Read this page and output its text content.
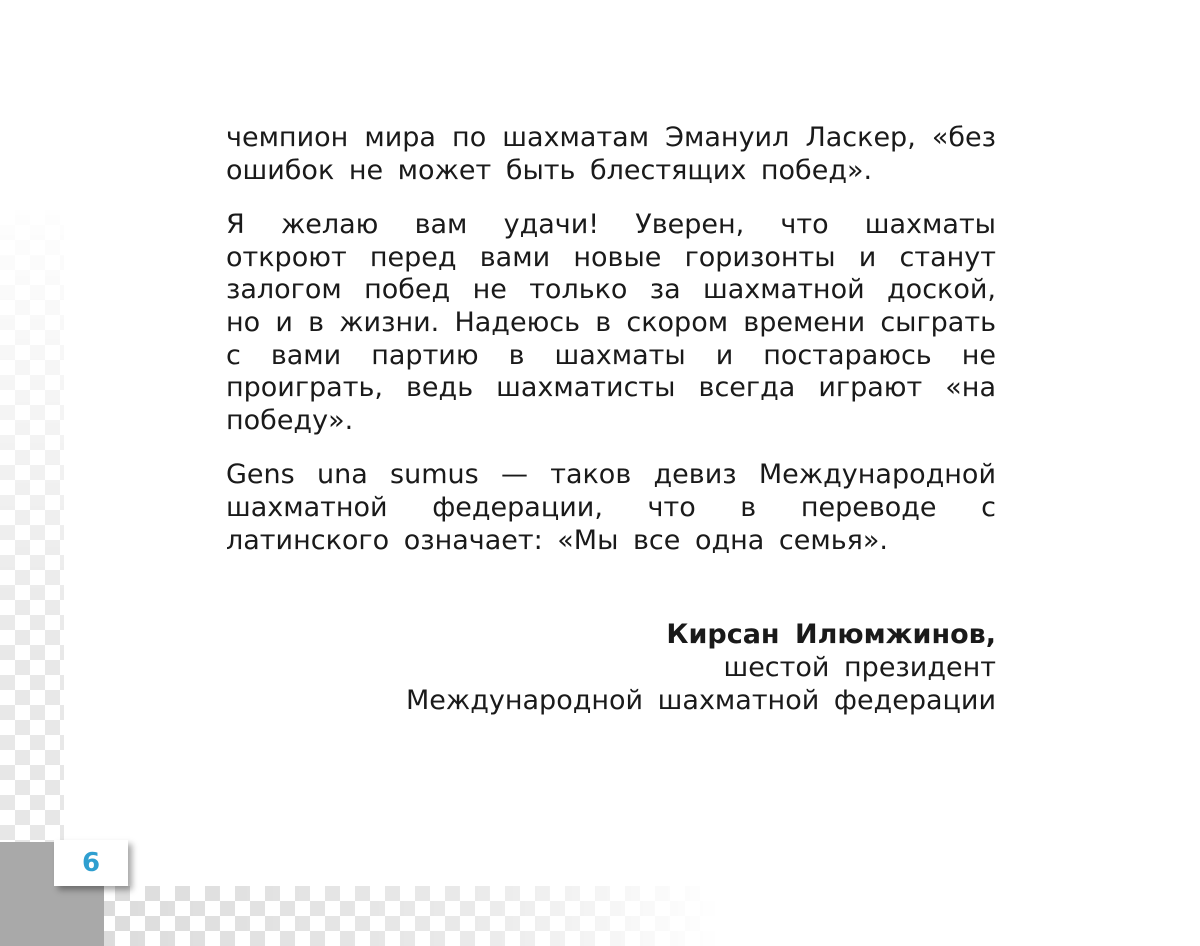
чемпион мира по шахматам Эмануил Ласкер, «без ошибок не может быть блестящих побед».

Я желаю вам удачи! Уверен, что шахматы откроют перед вами новые горизонты и станут залогом побед не только за шахматной доской, но и в жизни. Надеюсь в скором времени сыграть с вами партию в шахматы и постараюсь не проиграть, ведь шахматисты всегда играют «на победу».

Gens una sumus — таков девиз Международной шахматной федерации, что в переводе с латинского означает: «Мы все одна семья».

Кирсан Илюмжинов,
шестой президент
Международной шахматной федерации
6
